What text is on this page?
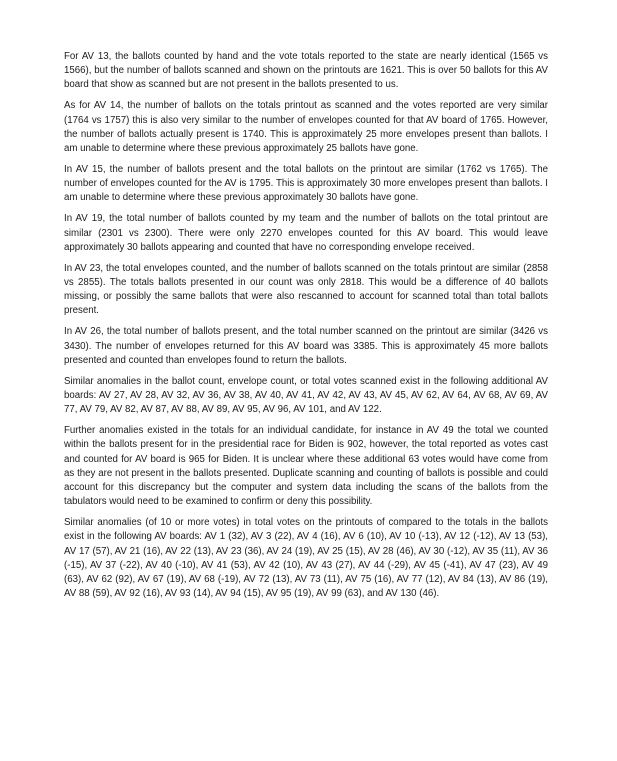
For AV 13, the ballots counted by hand and the vote totals reported to the state are nearly identical (1565 vs 1566), but the number of ballots scanned and shown on the printouts are 1621. This is over 50 ballots for this AV board that show as scanned but are not present in the ballots presented to us.

As for AV 14, the number of ballots on the totals printout as scanned and the votes reported are very similar (1764 vs 1757) this is also very similar to the number of envelopes counted for that AV board of 1765. However, the number of ballots actually present is 1740. This is approximately 25 more envelopes present than ballots. I am unable to determine where these previous approximately 25 ballots have gone.

In AV 15, the number of ballots present and the total ballots on the printout are similar (1762 vs 1765). The number of envelopes counted for the AV is 1795. This is approximately 30 more envelopes present than ballots. I am unable to determine where these previous approximately 30 ballots have gone.

In AV 19, the total number of ballots counted by my team and the number of ballots on the total printout are similar (2301 vs 2300). There were only 2270 envelopes counted for this AV board. This would leave approximately 30 ballots appearing and counted that have no corresponding envelope received.

In AV 23, the total envelopes counted, and the number of ballots scanned on the totals printout are similar (2858 vs 2855). The totals ballots presented in our count was only 2818. This would be a difference of 40 ballots missing, or possibly the same ballots that were also rescanned to account for scanned total than total ballots present.

In AV 26, the total number of ballots present, and the total number scanned on the printout are similar (3426 vs 3430). The number of envelopes returned for this AV board was 3385. This is approximately 45 more ballots presented and counted than envelopes found to return the ballots.

Similar anomalies in the ballot count, envelope count, or total votes scanned exist in the following additional AV boards: AV 27, AV 28, AV 32, AV 36, AV 38, AV 40, AV 41, AV 42, AV 43, AV 45, AV 62, AV 64, AV 68, AV 69, AV 77, AV 79, AV 82, AV 87, AV 88, AV 89, AV 95, AV 96, AV 101, and AV 122.

Further anomalies existed in the totals for an individual candidate, for instance in AV 49 the total we counted within the ballots present for in the presidential race for Biden is 902, however, the total reported as votes cast and counted for AV board is 965 for Biden. It is unclear where these additional 63 votes would have come from as they are not present in the ballots presented. Duplicate scanning and counting of ballots is possible and could account for this discrepancy but the computer and system data including the scans of the ballots from the tabulators would need to be examined to confirm or deny this possibility.

Similar anomalies (of 10 or more votes) in total votes on the printouts of compared to the totals in the ballots exist in the following AV boards: AV 1 (32), AV 3 (22), AV 4 (16), AV 6 (10), AV 10 (-13), AV 12 (-12), AV 13 (53), AV 17 (57), AV 21 (16), AV 22 (13), AV 23 (36), AV 24 (19), AV 25 (15), AV 28 (46), AV 30 (-12), AV 35 (11), AV 36 (-15), AV 37 (-22), AV 40 (-10), AV 41 (53), AV 42 (10), AV 43 (27), AV 44 (-29), AV 45 (-41), AV 47 (23), AV 49 (63), AV 62 (92), AV 67 (19), AV 68 (-19), AV 72 (13), AV 73 (11), AV 75 (16), AV 77 (12), AV 84 (13), AV 86 (19), AV 88 (59), AV 92 (16), AV 93 (14), AV 94 (15), AV 95 (19), AV 99 (63), and AV 130 (46).
